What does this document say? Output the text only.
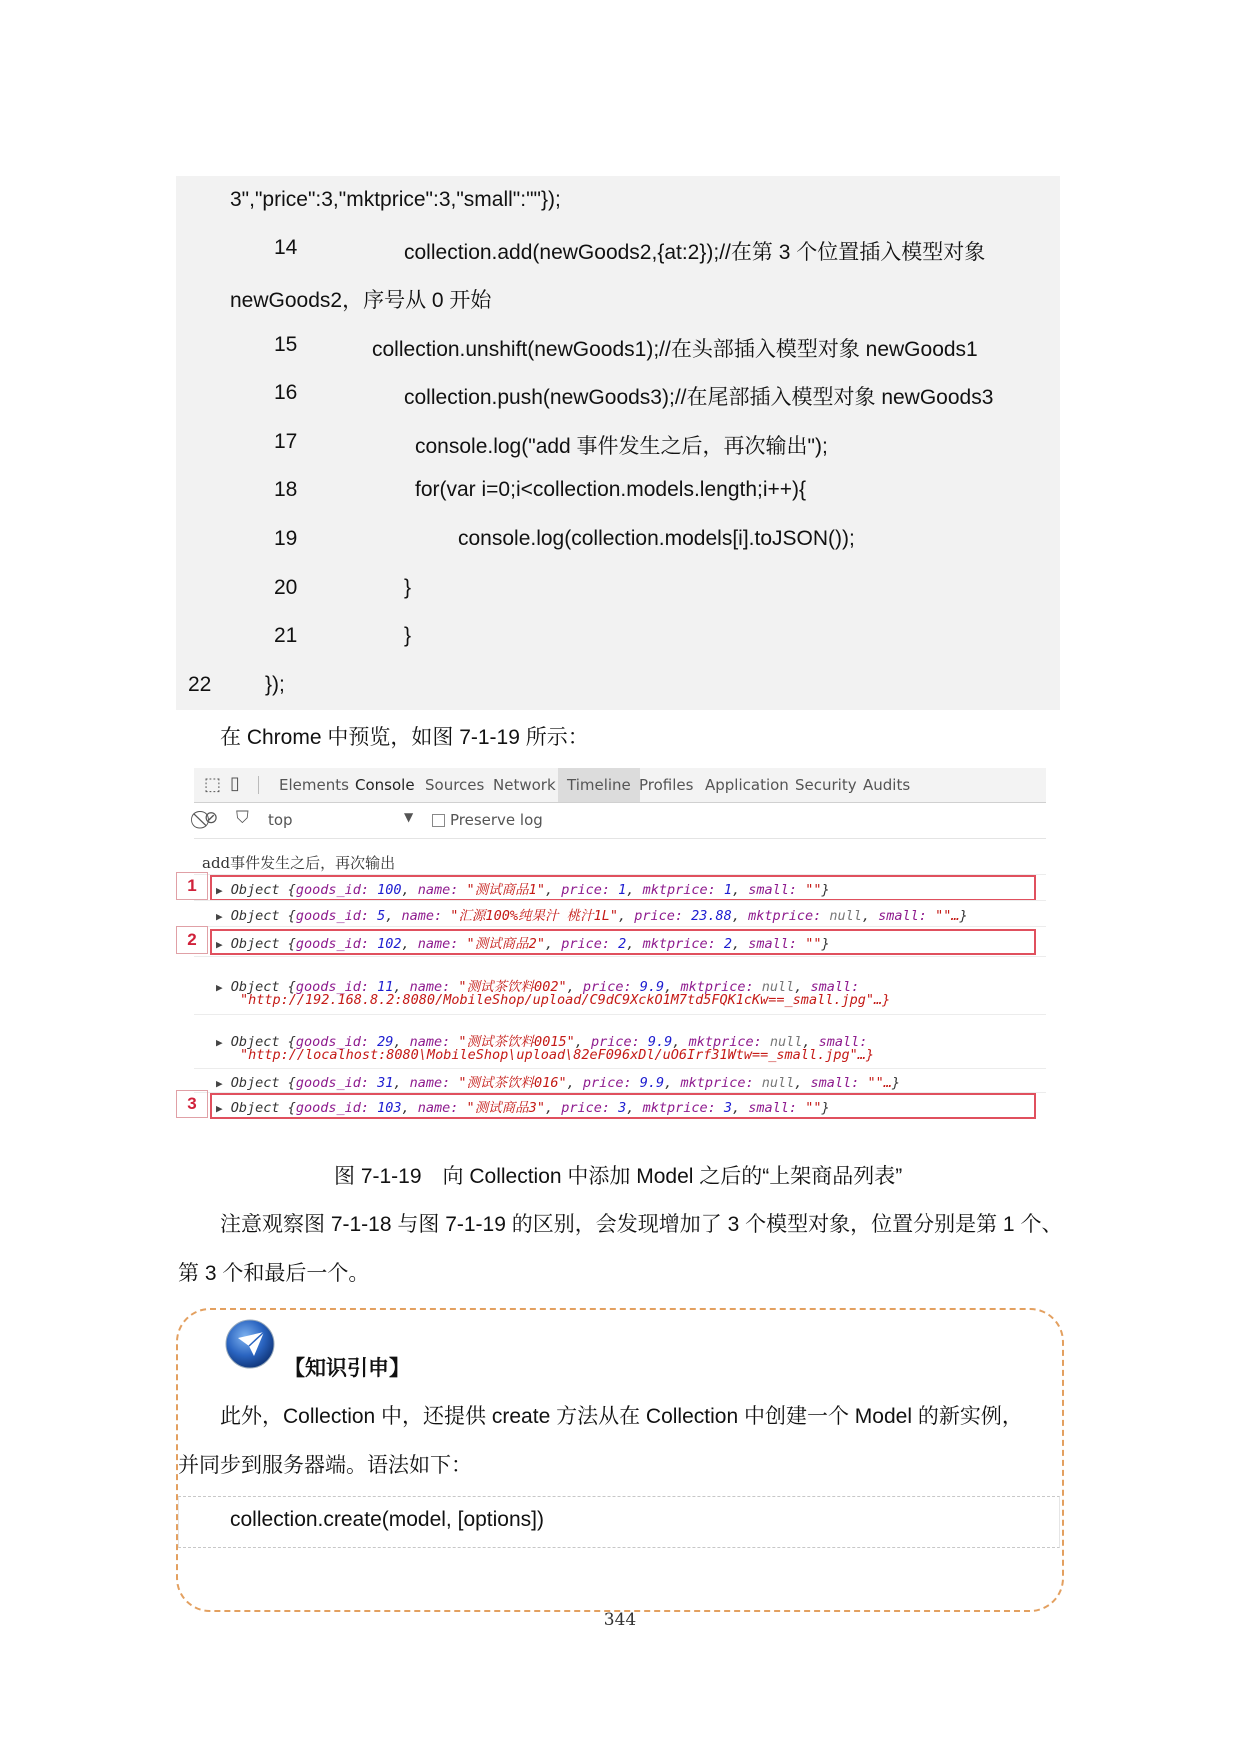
3","price":3,"mktprice":3,"small":""});
14	collection.add(newGoods2,{at:2});//在第 3 个位置插入模型对象
newGoods2，序号从 0 开始
15	collection.unshift(newGoods1);//在头部插入模型对象 newGoods1
16	collection.push(newGoods3);//在尾部插入模型对象 newGoods3
17	console.log("add 事件发生之后，再次输出");
18	for(var i=0;i<collection.models.length;i++){
19	console.log(collection.models[i].toJSON());
20	}
21	}
22	});
在 Chrome 中预览，如图 7-1-19 所示：
⬚ ▯	Elements Console Sources Network Timeline Profiles Application Security Audits
⊘ ⛉ top	▼ Preserve log
add事件发生之后，再次输出
1	▶ Object {goods_id: 100, name: "测试商品1", price: 1, mktprice: 1, small: ""}
▶ Object {goods_id: 5, name: "汇源100%纯果汁 桃汁1L", price: 23.88, mktprice: null, small: ""…}
2	▶ Object {goods_id: 102, name: "测试商品2", price: 2, mktprice: 2, small: ""}
▶ Object {goods_id: 11, name: "测试茶饮料002", price: 9.9, mktprice: null, small:
"http://192.168.8.2:8080/MobileShop/upload/C9dC9XckO1M7td5FQK1cKw==_small.jpg"…}
▶ Object {goods_id: 29, name: "测试茶饮料0015", price: 9.9, mktprice: null, small:
"http://localhost:8080\MobileShop\upload\82eF096xDl/uO6Irf31Wtw==_small.jpg"…}
▶ Object {goods_id: 31, name: "测试茶饮料016", price: 9.9, mktprice: null, small: ""…}
3	▶ Object {goods_id: 103, name: "测试商品3", price: 3, mktprice: 3, small: ""}
图 7-1-19　向 Collection 中添加 Model 之后的“上架商品列表”
注意观察图 7-1-18 与图 7-1-19 的区别，会发现增加了 3 个模型对象，位置分别是第 1 个、
第 3 个和最后一个。
【知识引申】
此外，Collection 中，还提供 create 方法从在 Collection 中创建一个 Model 的新实例，
并同步到服务器端。语法如下：
collection.create(model, [options])
344
